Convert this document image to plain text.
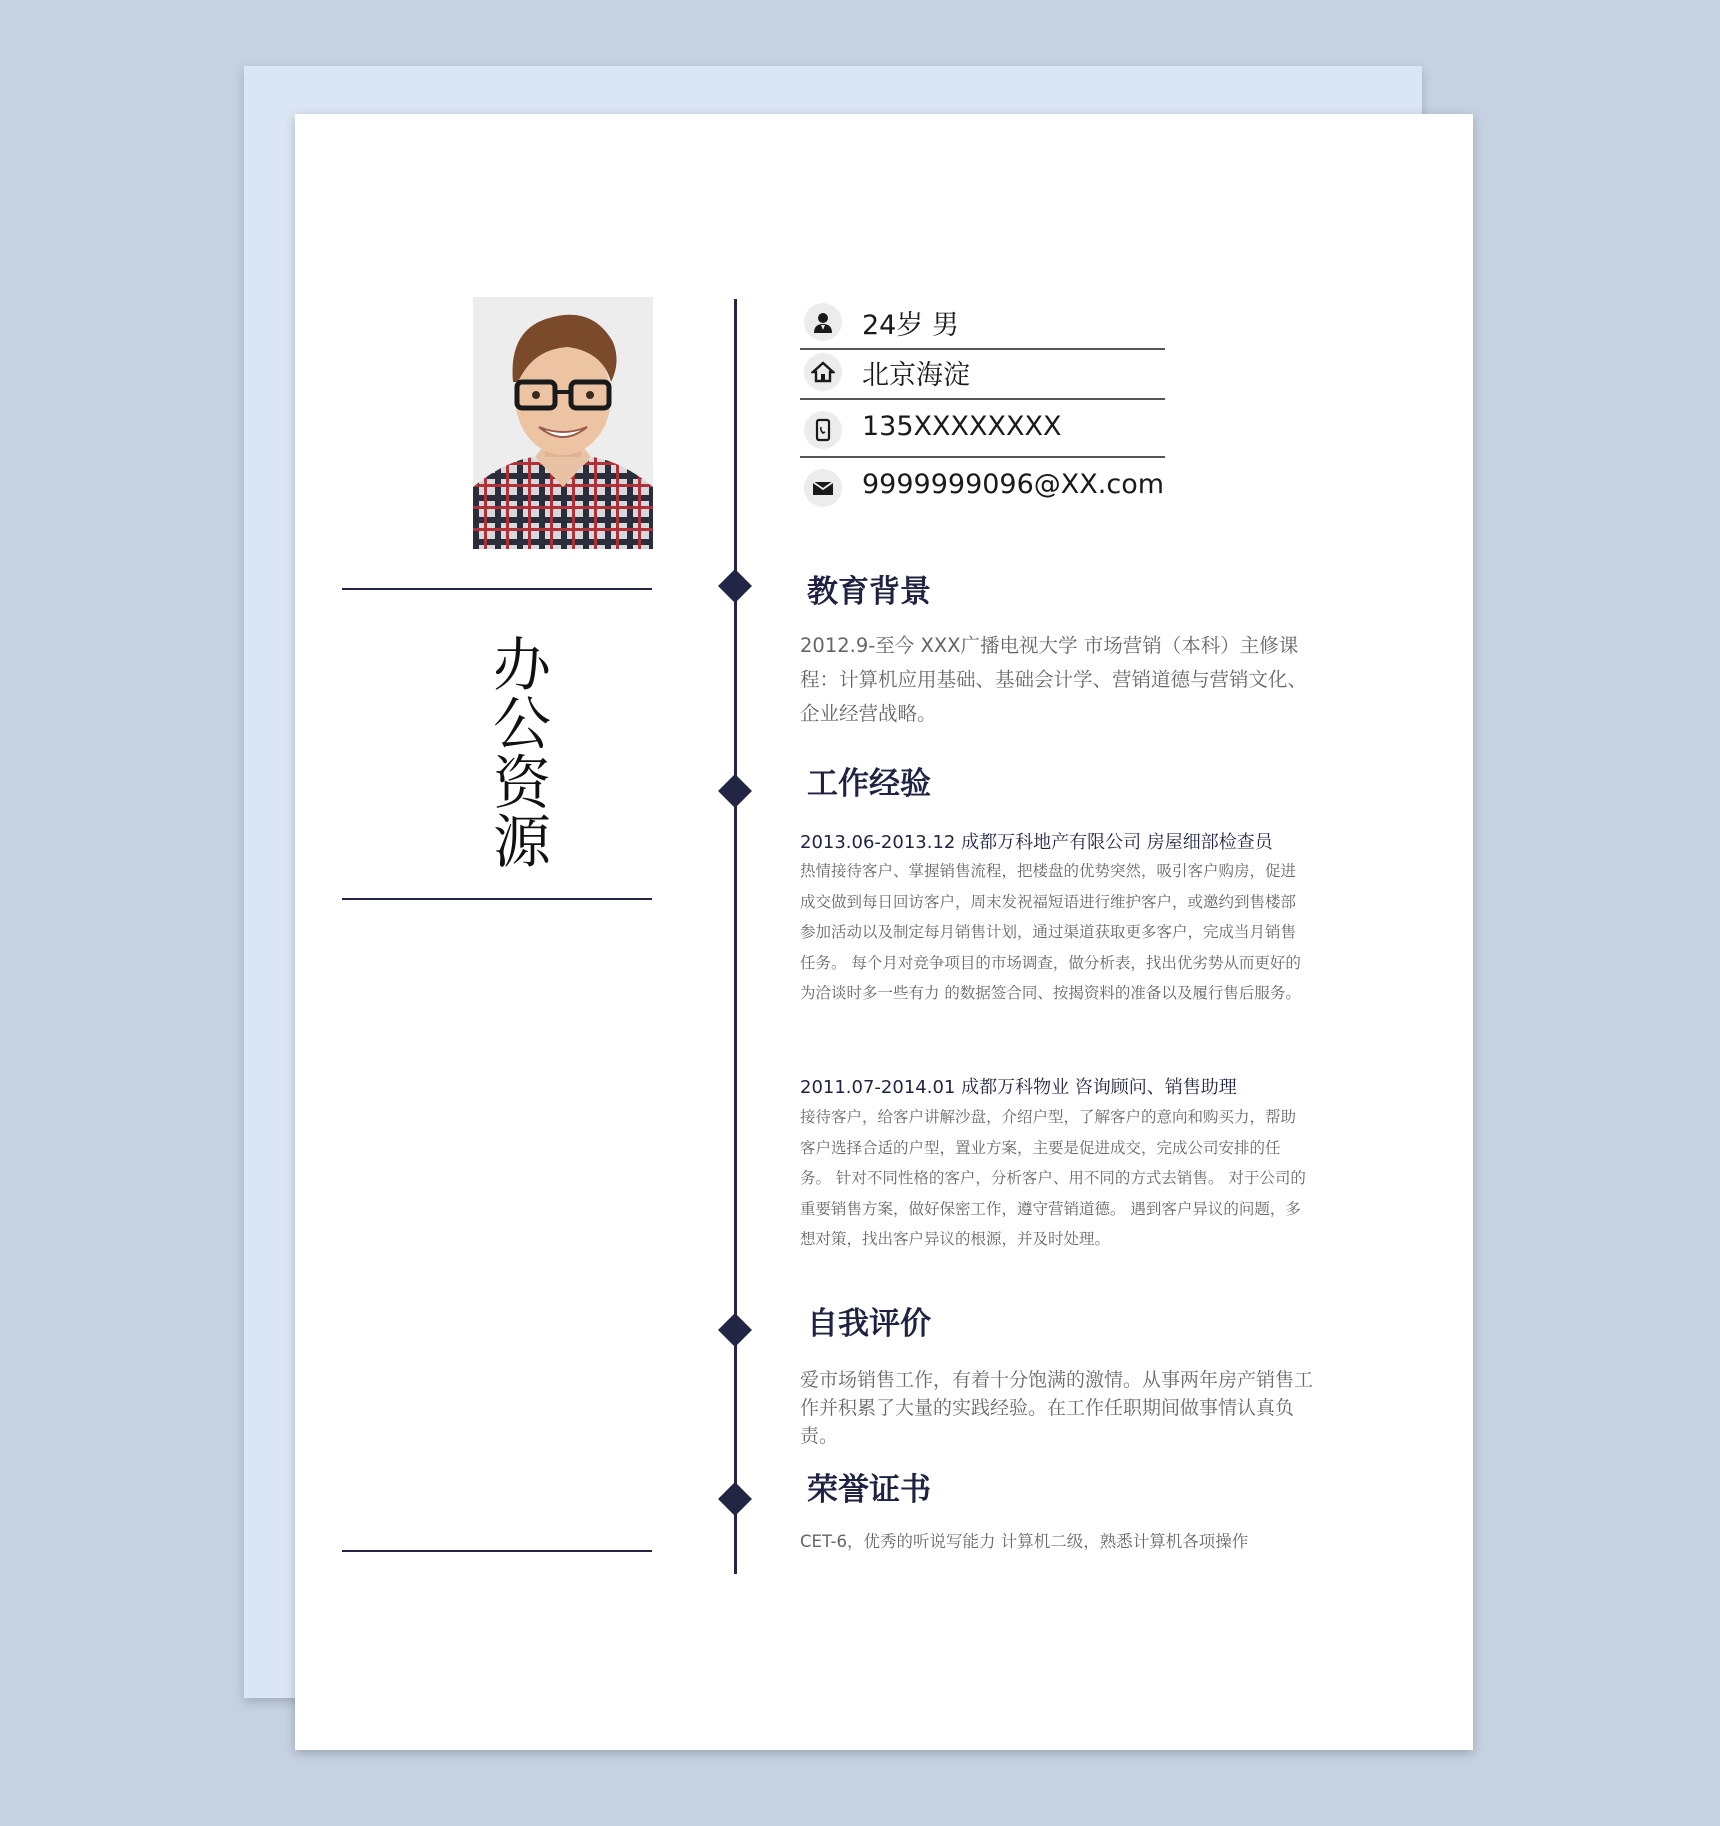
办公资源
24岁 男
北京海淀
135XXXXXXXX
9999999096@XX.com
教育背景
2012.9-至今 XXX广播电视大学 市场营销（本科）主修课程：计算机应用基础、基础会计学、营销道德与营销文化、企业经营战略。
工作经验
2013.06-2013.12 成都万科地产有限公司 房屋细部检查员
热情接待客户、掌握销售流程，把楼盘的优势突然，吸引客户购房，促进成交做到每日回访客户，周末发祝福短语进行维护客户，或邀约到售楼部参加活动以及制定每月销售计划，通过渠道获取更多客户，完成当月销售任务。 每个月对竞争项目的市场调查，做分析表，找出优劣势从而更好的为洽谈时多一些有力 的数据签合同、按揭资料的准备以及履行售后服务。
2011.07-2014.01 成都万科物业 咨询顾问、销售助理
接待客户，给客户讲解沙盘，介绍户型，了解客户的意向和购买力，帮助客户选择合适的户型，置业方案，主要是促进成交，完成公司安排的任务。 针对不同性格的客户，分析客户、用不同的方式去销售。 对于公司的重要销售方案，做好保密工作，遵守营销道德。 遇到客户异议的问题，多想对策，找出客户异议的根源，并及时处理。
自我评价
爱市场销售工作，有着十分饱满的激情。从事两年房产销售工作并积累了大量的实践经验。在工作任职期间做事情认真负责。
荣誉证书
CET-6，优秀的听说写能力 计算机二级，熟悉计算机各项操作
